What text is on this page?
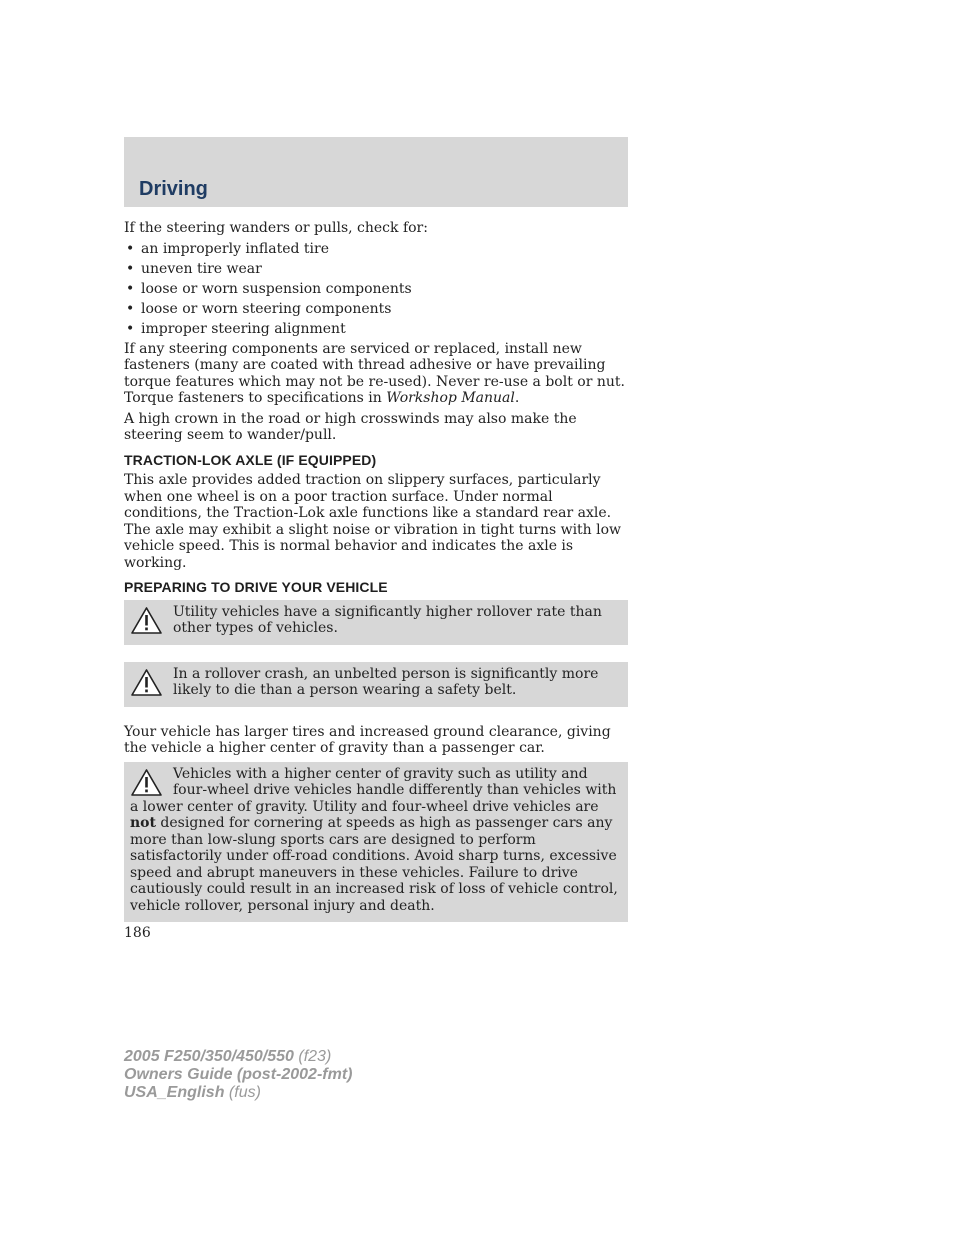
Driving

If the steering wanders or pulls, check for:

• an improperly inflated tire
• uneven tire wear
• loose or worn suspension components
• loose or worn steering components
• improper steering alignment

If any steering components are serviced or replaced, install new fasteners (many are coated with thread adhesive or have prevailing torque features which may not be re-used). Never re-use a bolt or nut. Torque fasteners to specifications in Workshop Manual.

A high crown in the road or high crosswinds may also make the steering seem to wander/pull.

TRACTION-LOK AXLE (IF EQUIPPED)

This axle provides added traction on slippery surfaces, particularly when one wheel is on a poor traction surface. Under normal conditions, the Traction-Lok axle functions like a standard rear axle. The axle may exhibit a slight noise or vibration in tight turns with low vehicle speed. This is normal behavior and indicates the axle is working.

PREPARING TO DRIVE YOUR VEHICLE
Utility vehicles have a significantly higher rollover rate than other types of vehicles.
In a rollover crash, an unbelted person is significantly more likely to die than a person wearing a safety belt.

Your vehicle has larger tires and increased ground clearance, giving the vehicle a higher center of gravity than a passenger car.

Vehicles with a higher center of gravity such as utility and four-wheel drive vehicles handle differently than vehicles with a lower center of gravity. Utility and four-wheel drive vehicles are not designed for cornering at speeds as high as passenger cars any more than low-slung sports cars are designed to perform satisfactorily under off-road conditions. Avoid sharp turns, excessive speed and abrupt maneuvers in these vehicles. Failure to drive cautiously could result in an increased risk of loss of vehicle control, vehicle rollover, personal injury and death.
186
2005 F250/350/450/550 (f23)
Owners Guide (post-2002-fmt)
USA_English (fus)
